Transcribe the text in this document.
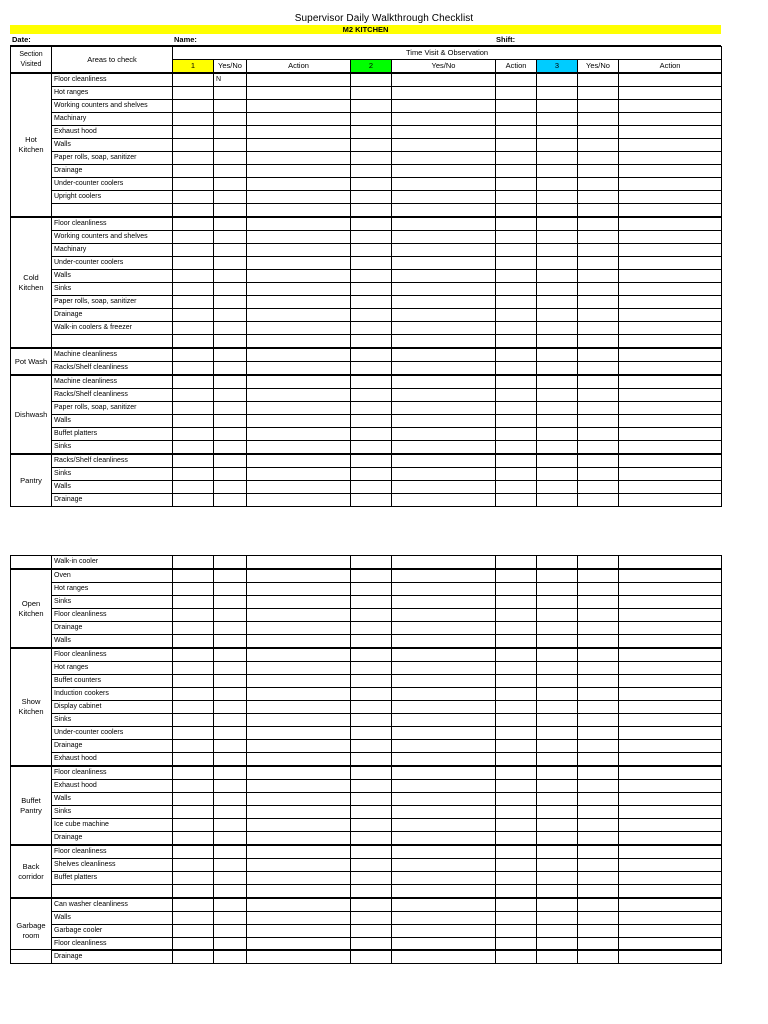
Supervisor Daily Walkthrough Checklist
M2 KITCHEN
Date:	Name:	Shift:
Section Visited	Areas to check	Time Visit & Observation								
		1	Yes/No	Action	2	Yes/No	Action	3	Yes/No	Action
Hot Kitchen	Floor cleanliness		N							
	Hot ranges									
	Working counters and shelves									
	Machinary									
	Exhaust hood									
	Walls									
	Paper rolls, soap, sanitizer									
	Drainage									
	Under-counter coolers									
	Upright coolers									

Cold Kitchen	Floor cleanliness									
	Working counters and shelves									
	Machinary									
	Under-counter coolers									
	Walls									
	Sinks									
	Paper rolls, soap, sanitizer									
	Drainage									
	Walk-in coolers & freezer									

Pot Wash	Machine cleanliness									
	Racks/Shelf cleanliness									
Dishwash	Machine cleanliness									
	Racks/Shelf cleanliness									
	Paper rolls, soap, sanitizer									
	Walls									
	Buffet platters									
	Sinks									
Pantry	Racks/Shelf cleanliness									
	Sinks									
	Walls									
	Drainage									
	Walk-in cooler									
Open Kitchen	Oven									
	Hot ranges									
	Sinks									
	Floor cleanliness									
	Drainage									
	Walls									
Show Kitchen	Floor cleanliness									
	Hot ranges									
	Buffet counters									
	Induction cookers									
	Display cabinet									
	Sinks									
	Under-counter coolers									
	Drainage									
	Exhaust hood									
Buffet Pantry	Floor cleanliness									
	Exhaust hood									
	Walls									
	Sinks									
	Ice cube machine									
	Drainage									
Back corridor	Floor cleanliness									
	Shelves cleanliness									
	Buffet platters									

Garbage room	Can washer cleanliness									
	Walls									
	Garbage cooler									
	Floor cleanliness									
	Drainage									
